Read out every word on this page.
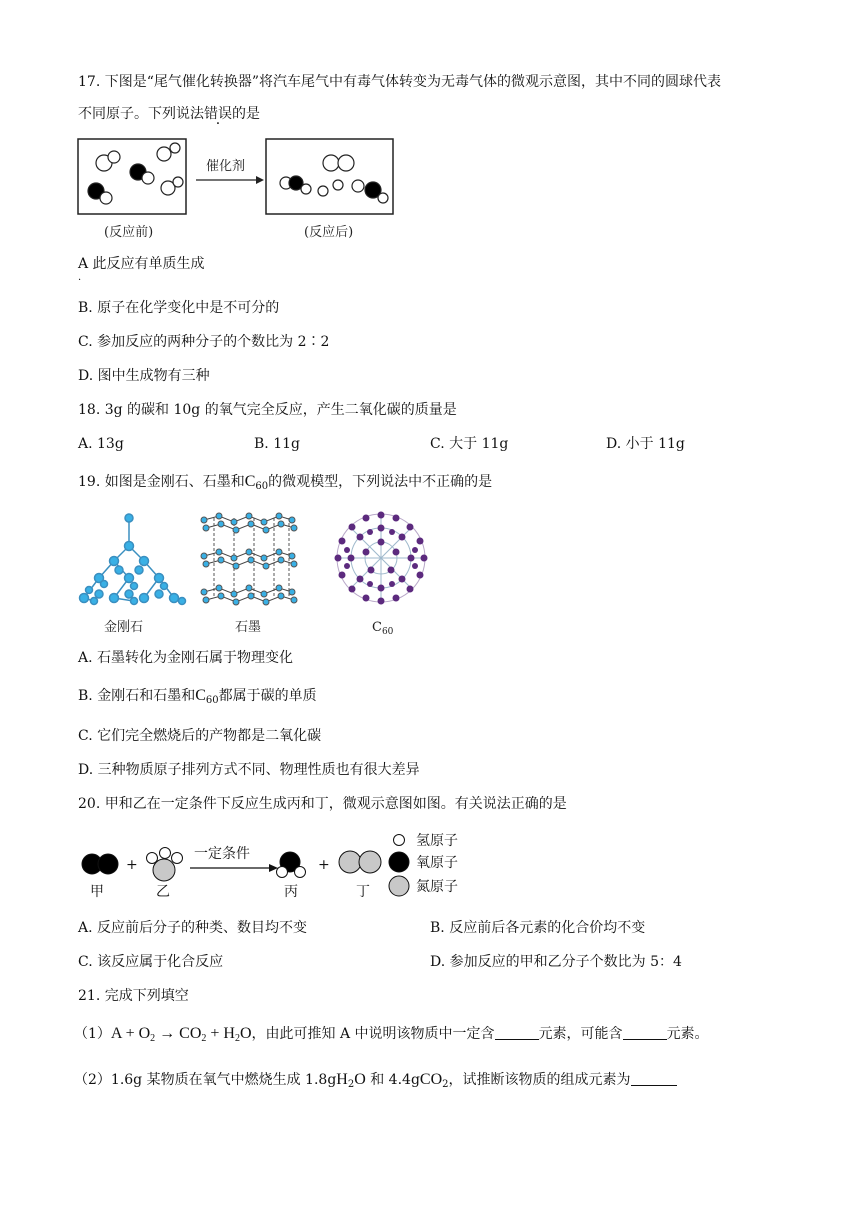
17. 下图是“尾气催化转换器”将汽车尾气中有毒气体转变为无毒气体的微观示意图，其中不同的圆球代表
不同原子。下列说法错误的是
催化剂
(反应前)	(反应后)
A 此反应有单质生成
·
B. 原子在化学变化中是不可分的
C. 参加反应的两种分子的个数比为 2∶2
D. 图中生成物有三种
18. 3g 的碳和 10g 的氧气完全反应，产生二氧化碳的质量是
A. 13g	B. 11g	C. 大于 11g	D. 小于 11g
19. 如图是金刚石、石墨和$C_{60}$的微观模型，下列说法中不正确的是
金刚石	石墨	$C_{60}$
A. 石墨转化为金刚石属于物理变化
B. 金刚石和石墨和$C_{60}$都属于碳的单质
C. 它们完全燃烧后的产物都是二氧化碳
D. 三种物质原子排列方式不同、物理性质也有很大差异
20. 甲和乙在一定条件下反应生成丙和丁，微观示意图如图。有关说法正确的是
甲
+
乙
一定条件
丙
+
丁
氢原子
氧原子
氮原子
A. 反应前后分子的种类、数目均不变	B. 反应前后各元素的化合价均不变
C. 该反应属于化合反应	D. 参加反应的甲和乙分子个数比为 5：4
21. 完成下列填空
$(1)A + O_2 \to CO_2 + H_2O$，由此可推知 A 中说明该物质中一定含	元素，可能含	元素。
（2）1.6g 某物质在氧气中燃烧生成 $1.8gH_2O$ 和 4.4gCO$_2$，试推断该物质的组成元素为
